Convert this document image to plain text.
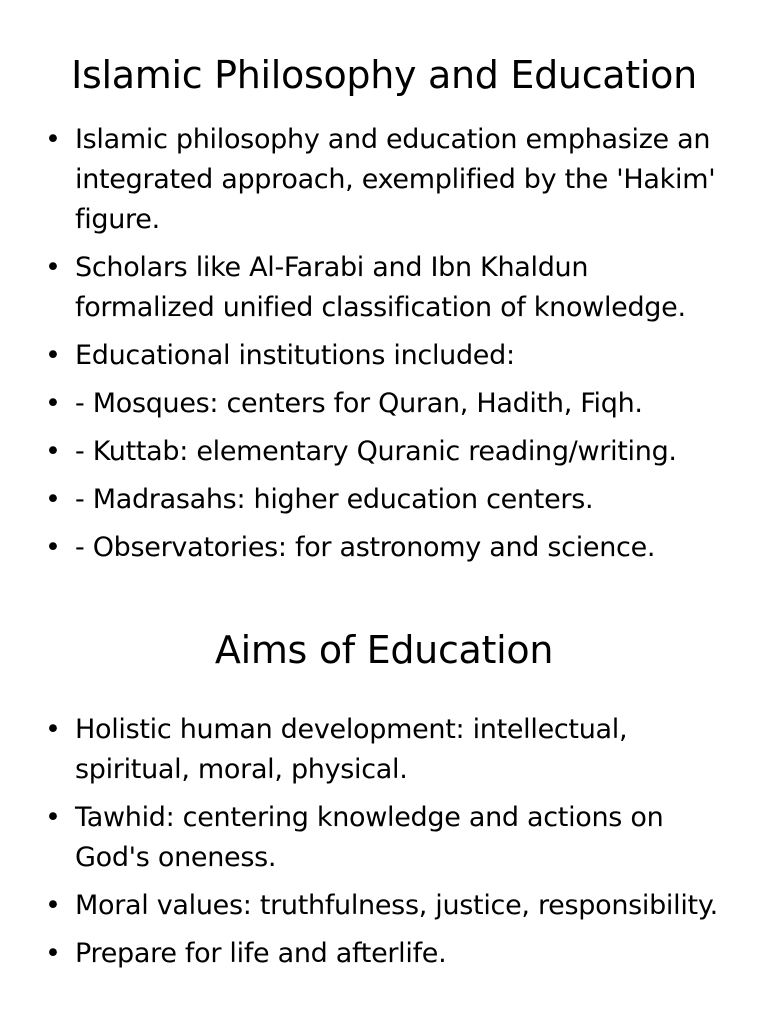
Islamic Philosophy and Education
• Islamic philosophy and education emphasize an integrated approach, exemplified by the 'Hakim' figure.
• Scholars like Al-Farabi and Ibn Khaldun formalized unified classification of knowledge.
• Educational institutions included:
• - Mosques: centers for Quran, Hadith, Fiqh.
• - Kuttab: elementary Quranic reading/writing.
• - Madrasahs: higher education centers.
• - Observatories: for astronomy and science.
Aims of Education
• Holistic human development: intellectual, spiritual, moral, physical.
• Tawhid: centering knowledge and actions on God's oneness.
• Moral values: truthfulness, justice, responsibility.
• Prepare for life and afterlife.
